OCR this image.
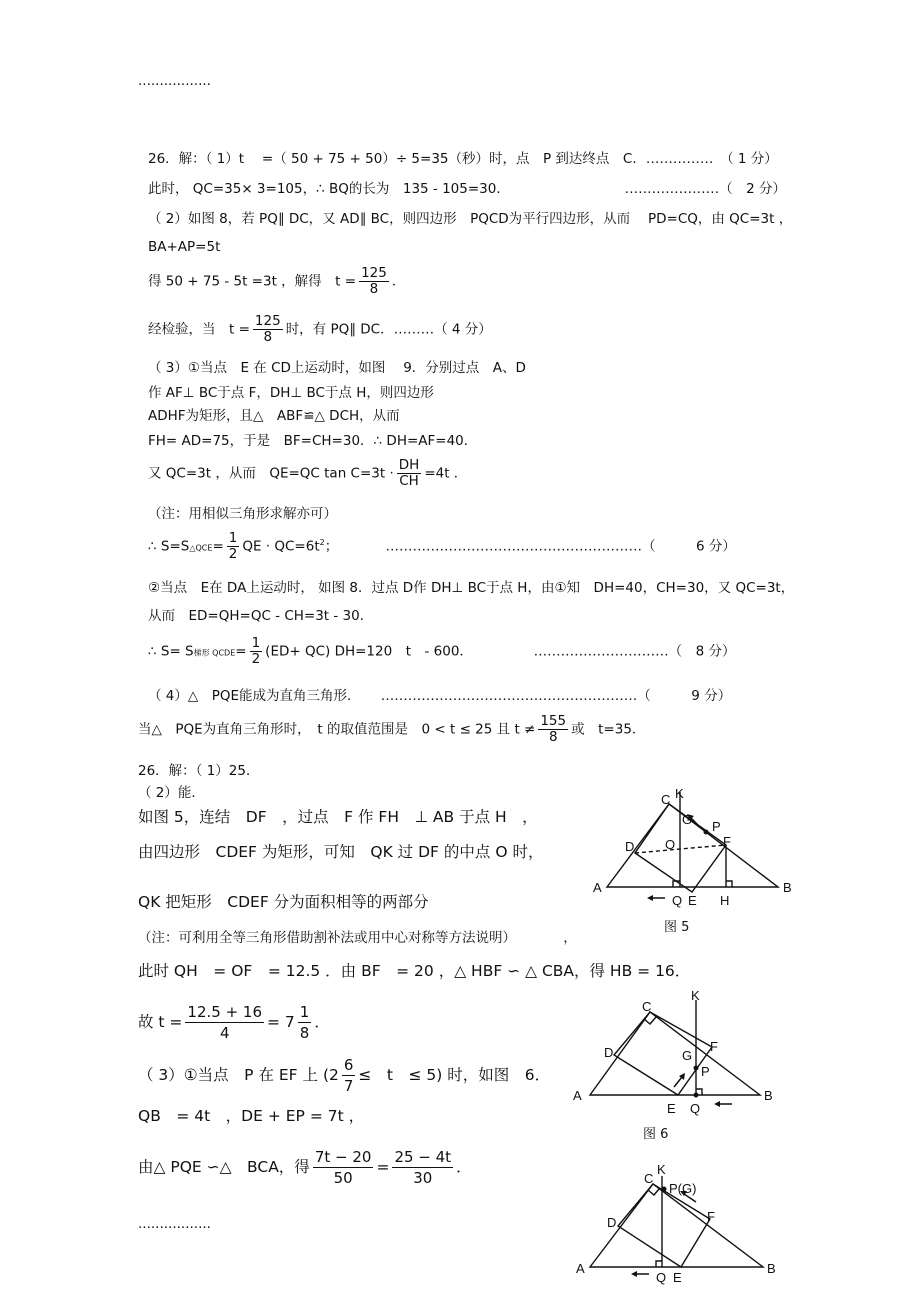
.................
.................
26．解：（ 1）t　 =（ 50 + 75 + 50）÷ 5=35（秒）时，点　P 到达终点　C．……………　（ 1 分）
此时， QC=35× 3=105，∴ BQ的长为　135 - 105=30．　　　　　　　　　…………………（　2 分）
（ 2）如图 8，若 PQ∥ DC，又 AD∥ BC，则四边形　PQCD为平行四边形，从而　 PD=CQ，由 QC=3t ，
BA+AP=5t
得 50 + 75 - 5t =3t ，解得　$t = \frac{125}{8}$ ．
经检验，当　$t = \frac{125}{8}$ 时，有 PQ∥ DC．………（ 4 分）
（ 3）①当点　E 在 CD上运动时，如图　 9．分别过点　A、D
作 AF⊥ BC于点 F，DH⊥ BC于点 H，则四边形
ADHF为矩形，且△　ABF≌△ DCH，从而
FH= AD=75，于是　BF=CH=30．∴ DH=AF=40．
又 QC=3t ，从而　QE=QC $\tan C=3t \cdot \frac{DH}{CH} =4t$ ．
（注：用相似三角形求解亦可）
∴ S=S△QCE= $\frac{1}{2}$ QE · $QC=6t^2$；　　　　…………………………………………………（　　　6 分）
②当点　E在 DA上运动时， 如图 8．过点 D作 DH⊥ BC于点 H，由①知　DH=40，CH=30，又 QC=3t，
从而　ED=QH=QC - CH=3t - 30．
∴ S= S梯形 QCDE= $\frac{1}{2} (ED+ QC)$ DH=120　t　- 600．　　　　　…………………………（　8 分）
（ 4）△　PQE能成为直角三角形．　　…………………………………………………（　　　9 分）
当△　PQE为直角三角形时，　t 的取值范围是　0 < t ≤ 25 且 $t \ne \frac{155}{8}$ 或　t=35．
26．解：（ 1）25．
（ 2）能．
如图 5，连结　DF　，过点　F 作 FH　⊥ AB 于点 H　，
由四边形　CDEF 为矩形，可知　QK 过 DF 的中点 O 时，
QK 把矩形　CDEF 分为面积相等的两部分
（注：可利用全等三角形借助割补法或用中心对称等方法说明）　　　　，
此时 QH　= OF　= 12.5 ．由 BF　= 20 ，△ HBF ∽ △ CBA，得 HB = 16．
故 $t = \frac{12.5 + 16}{4} = 7 \frac{1}{8}$ ．
（ 3）①当点　P 在 EF 上 ($2 \frac{6}{7}$ ≤　t　≤ 5) 时，如图　6．
QB　= 4t　，DE + EP = 7t ，
由△ PQE ∽△　BCA，得 $\frac{7t - 20}{50} = \frac{25 - 4t}{30}$ ．
A	B
C K
G P
F
D O
Q E H
图 5
A	B
C
K
D	G
F
P
E Q
图 6
A	B
C
K
P(G)
D	F
Q E
